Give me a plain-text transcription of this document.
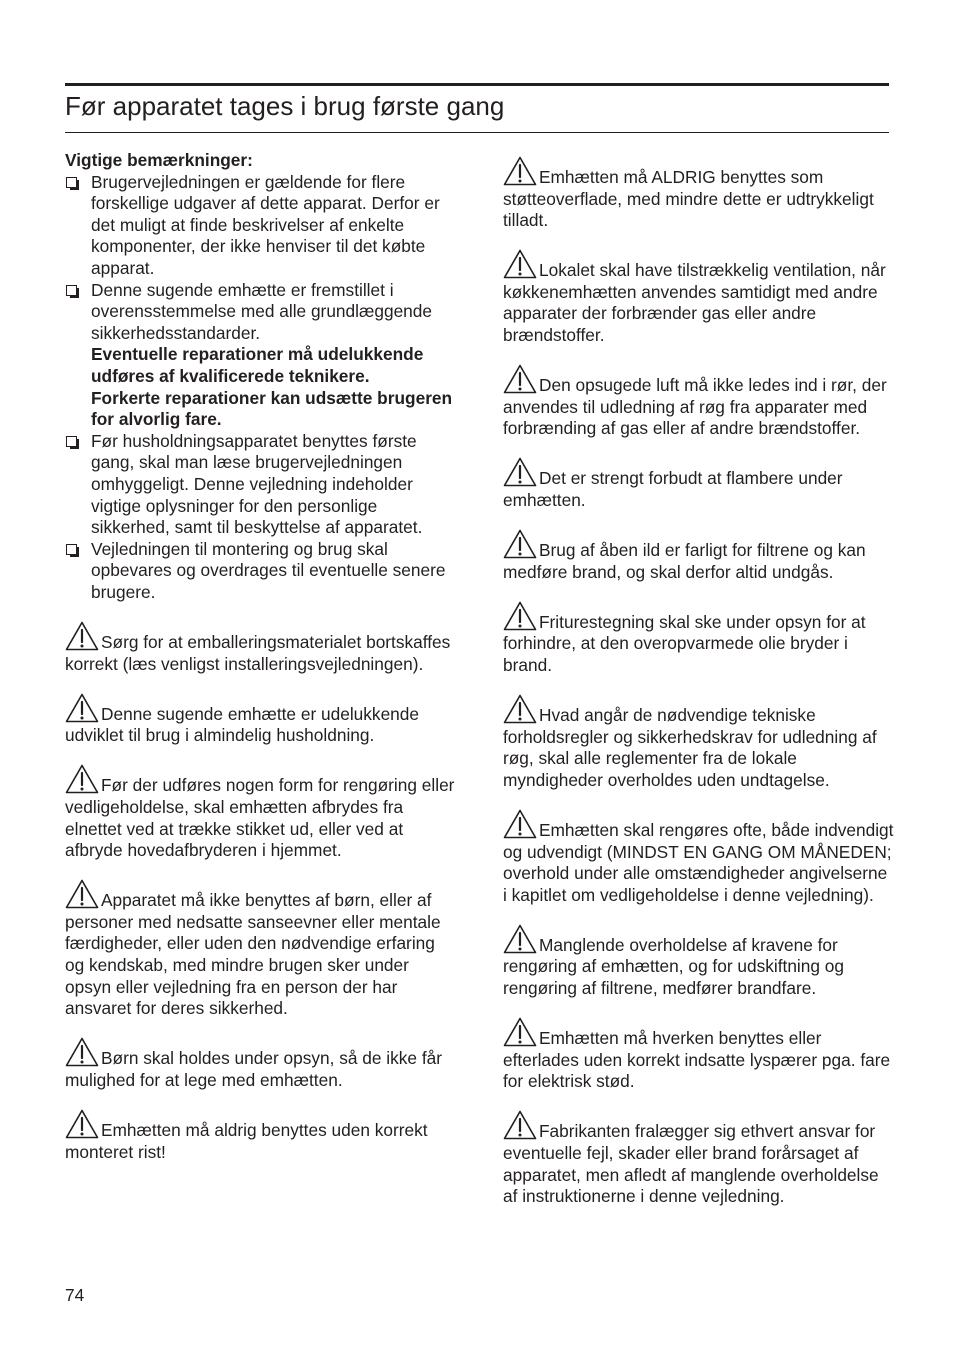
Før apparatet tages i brug første gang
Vigtige bemærkninger:
Brugervejledningen er gældende for flere forskellige udgaver af dette apparat. Derfor er det muligt at finde beskrivelser af enkelte komponenter, der ikke henviser til det købte apparat.
Denne sugende emhætte er fremstillet i overensstemmelse med alle grundlæggende sikkerhedsstandarder.
Eventuelle reparationer må udelukkende udføres af kvalificerede teknikere.
Forkerte reparationer kan udsætte brugeren for alvorlig fare.
Før husholdningsapparatet benyttes første gang, skal man læse brugervejledningen omhyggeligt. Denne vejledning indeholder vigtige oplysninger for den personlige sikkerhed, samt til beskyttelse af apparatet.
Vejledningen til montering og brug skal opbevares og overdrages til eventuelle senere brugere.
Sørg for at emballeringsmaterialet bortskaffes korrekt (læs venligst installeringsvejledningen).
Denne sugende emhætte er udelukkende udviklet til brug i almindelig husholdning.
Før der udføres nogen form for rengøring eller vedligeholdelse, skal emhætten afbrydes fra elnettet ved at trække stikket ud, eller ved at afbryde hovedafbryderen i hjemmet.
Apparatet må ikke benyttes af børn, eller af personer med nedsatte sanseevner eller mentale færdigheder, eller uden den nødvendige erfaring og kendskab, med mindre brugen sker under opsyn eller vejledning fra en person der har ansvaret for deres sikkerhed.
Børn skal holdes under opsyn, så de ikke får mulighed for at lege med emhætten.
Emhætten må aldrig benyttes uden korrekt monteret rist!
Emhætten må ALDRIG benyttes som støtteoverflade, med mindre dette er udtrykkeligt tilladt.
Lokalet skal have tilstrækkelig ventilation, når køkkenemhætten anvendes samtidigt med andre apparater der forbrænder gas eller andre brændstoffer.
Den opsugede luft må ikke ledes ind i rør, der anvendes til udledning af røg fra apparater med forbrænding af gas eller af andre brændstoffer.
Det er strengt forbudt at flambere under emhætten.
Brug af åben ild er farligt for filtrene og kan medføre brand, og skal derfor altid undgås.
Friturestegning skal ske under opsyn for at forhindre, at den overopvarmede olie bryder i brand.
Hvad angår de nødvendige tekniske forholdsregler og sikkerhedskrav for udledning af røg, skal alle reglementer fra de lokale myndigheder overholdes uden undtagelse.
Emhætten skal rengøres ofte, både indvendigt og udvendigt (MINDST EN GANG OM MÅNEDEN; overhold under alle omstændigheder angivelserne i kapitlet om vedligeholdelse i denne vejledning).
Manglende overholdelse af kravene for rengøring af emhætten, og for udskiftning og rengøring af filtrene, medfører brandfare.
Emhætten må hverken benyttes eller efterlades uden korrekt indsatte lyspærer pga. fare for elektrisk stød.
Fabrikanten fralægger sig ethvert ansvar for eventuelle fejl, skader eller brand forårsaget af apparatet, men afledt af manglende overholdelse af instruktionerne i denne vejledning.
74
